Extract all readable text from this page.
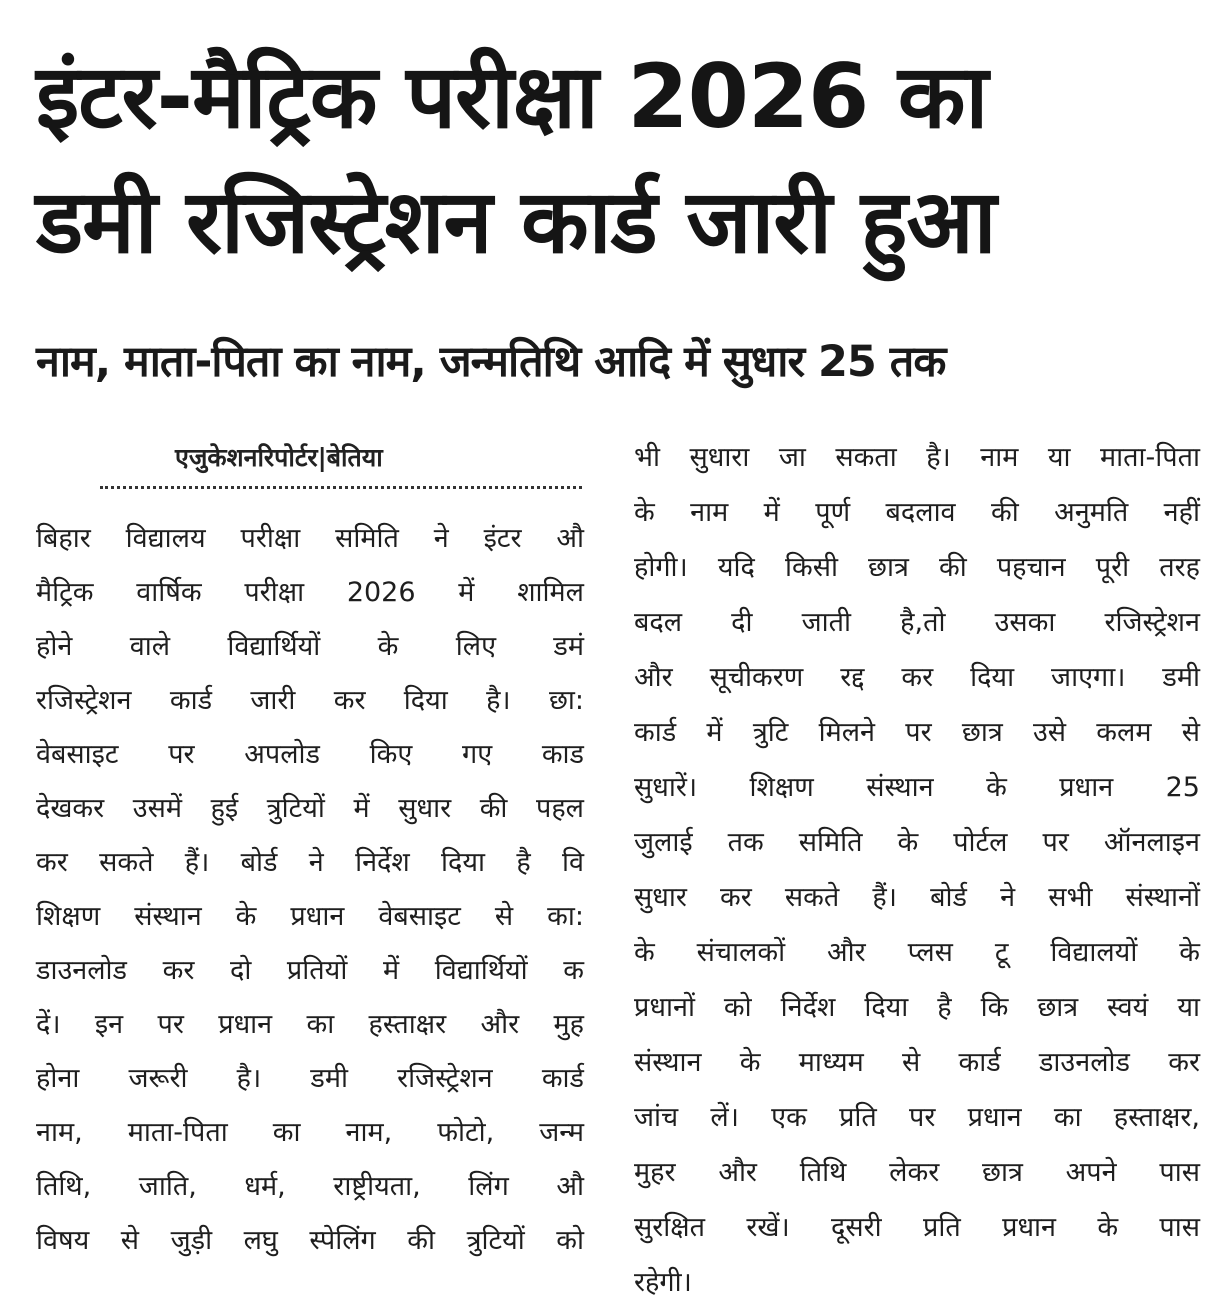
इंटर-मैट्रिक परीक्षा 2026 का
डमी रजिस्ट्रेशन कार्ड जारी हुआ
नाम, माता-पिता का नाम, जन्मतिथि आदि में सुधार 25 तक
एजुकेशनरिपोर्टर|बेतिया
बिहार विद्यालय परीक्षा समिति ने इंटर औ
मैट्रिक वार्षिक परीक्षा 2026 में शामिल
होने वाले विद्यार्थियों के लिए डमं
रजिस्ट्रेशन कार्ड जारी कर दिया है। छा:
वेबसाइट पर अपलोड किए गए काड
देखकर उसमें हुई त्रुटियों में सुधार की पहल
कर सकते हैं। बोर्ड ने निर्देश दिया है वि
शिक्षण संस्थान के प्रधान वेबसाइट से का:
डाउनलोड कर दो प्रतियों में विद्यार्थियों क
दें। इन पर प्रधान का हस्ताक्षर और मुह
होना जरूरी है। डमी रजिस्ट्रेशन कार्ड
नाम, माता-पिता का नाम, फोटो, जन्म
तिथि, जाति, धर्म, राष्ट्रीयता, लिंग औ
विषय से जुड़ी लघु स्पेलिंग की त्रुटियों को
भी सुधारा जा सकता है। नाम या माता-पिता
के नाम में पूर्ण बदलाव की अनुमति नहीं
होगी। यदि किसी छात्र की पहचान पूरी तरह
बदल दी जाती है,तो उसका रजिस्ट्रेशन
और सूचीकरण रद्द कर दिया जाएगा। डमी
कार्ड में त्रुटि मिलने पर छात्र उसे कलम से
सुधारें। शिक्षण संस्थान के प्रधान 25
जुलाई तक समिति के पोर्टल पर ऑनलाइन
सुधार कर सकते हैं। बोर्ड ने सभी संस्थानों
के संचालकों और प्लस टू विद्यालयों के
प्रधानों को निर्देश दिया है कि छात्र स्वयं या
संस्थान के माध्यम से कार्ड डाउनलोड कर
जांच लें। एक प्रति पर प्रधान का हस्ताक्षर,
मुहर और तिथि लेकर छात्र अपने पास
सुरक्षित रखें। दूसरी प्रति प्रधान के पास
रहेगी।
